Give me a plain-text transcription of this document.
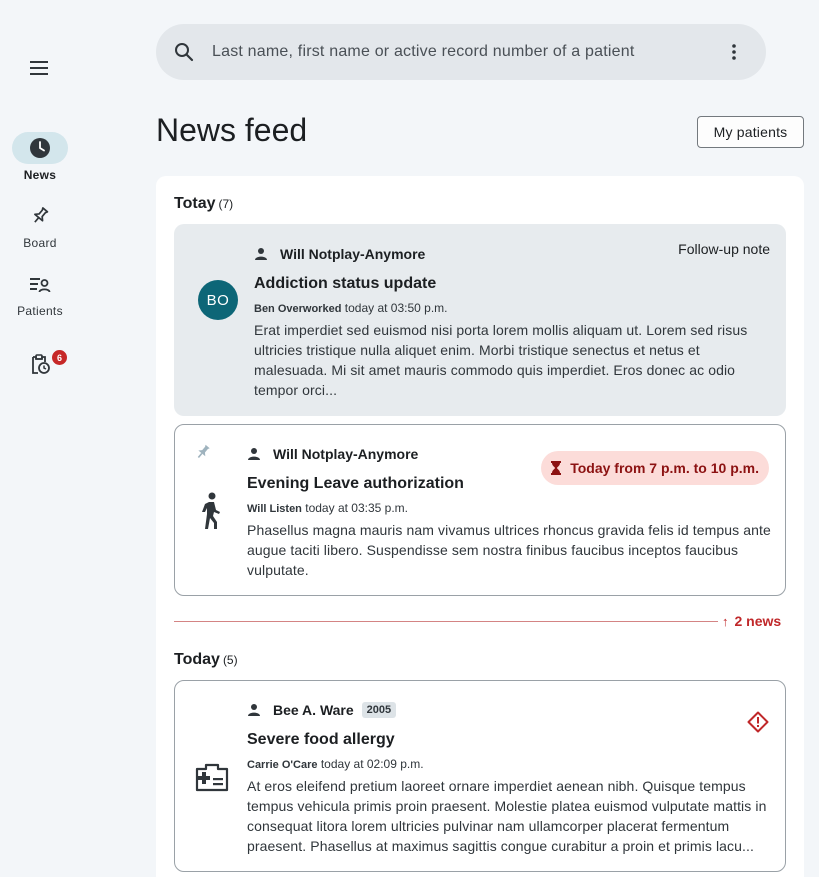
News
Board
Patients
6
Last name, first name or active record number of a patient
News feed	My patients
Totay (7)
BO
Will Notplay-Anymore	Follow-up note
Addiction status update
Ben Overworked today at 03:50 p.m.

Erat imperdiet sed euismod nisi porta lorem mollis aliquam ut. Lorem sed risus ultricies tristique nulla aliquet enim. Morbi tristique senectus et netus et malesuada. Mi sit amet mauris commodo quis imperdiet. Eros donec ac odio tempor orci...

Will Notplay-Anymore
Today from 7 p.m. to 10 p.m.
Evening Leave authorization
Will Listen today at 03:35 p.m.

Phasellus magna mauris nam vivamus ultrices rhoncus gravida felis id tempus ante augue taciti libero. Suspendisse sem nostra finibus faucibus inceptos faucibus vulputate.

↑ 2 news
Today (5)
Bee A. Ware	2005
Severe food allergy
Carrie O'Care today at 02:09 p.m.

At eros eleifend pretium laoreet ornare imperdiet aenean nibh. Quisque tempus tempus vehicula primis proin praesent. Molestie platea euismod vulputate mattis in consequat litora lorem ultricies pulvinar nam ullamcorper placerat fermentum praesent. Phasellus at maximus sagittis congue curabitur a proin et primis lacu...
